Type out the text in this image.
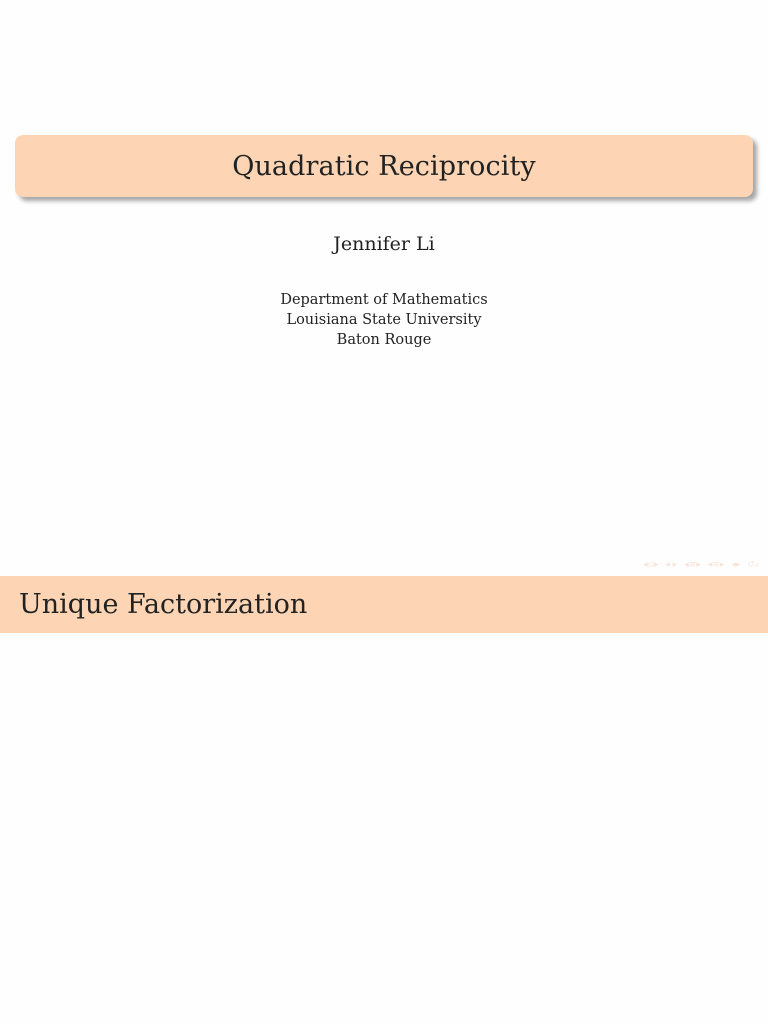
Quadratic Reciprocity
Jennifer Li
Department of Mathematics
Louisiana State University
Baton Rouge
◂▫▸ ◂ ▸ ◂≡▸ ◂≡▸ ◂▸ ↺⌕
Unique Factorization
